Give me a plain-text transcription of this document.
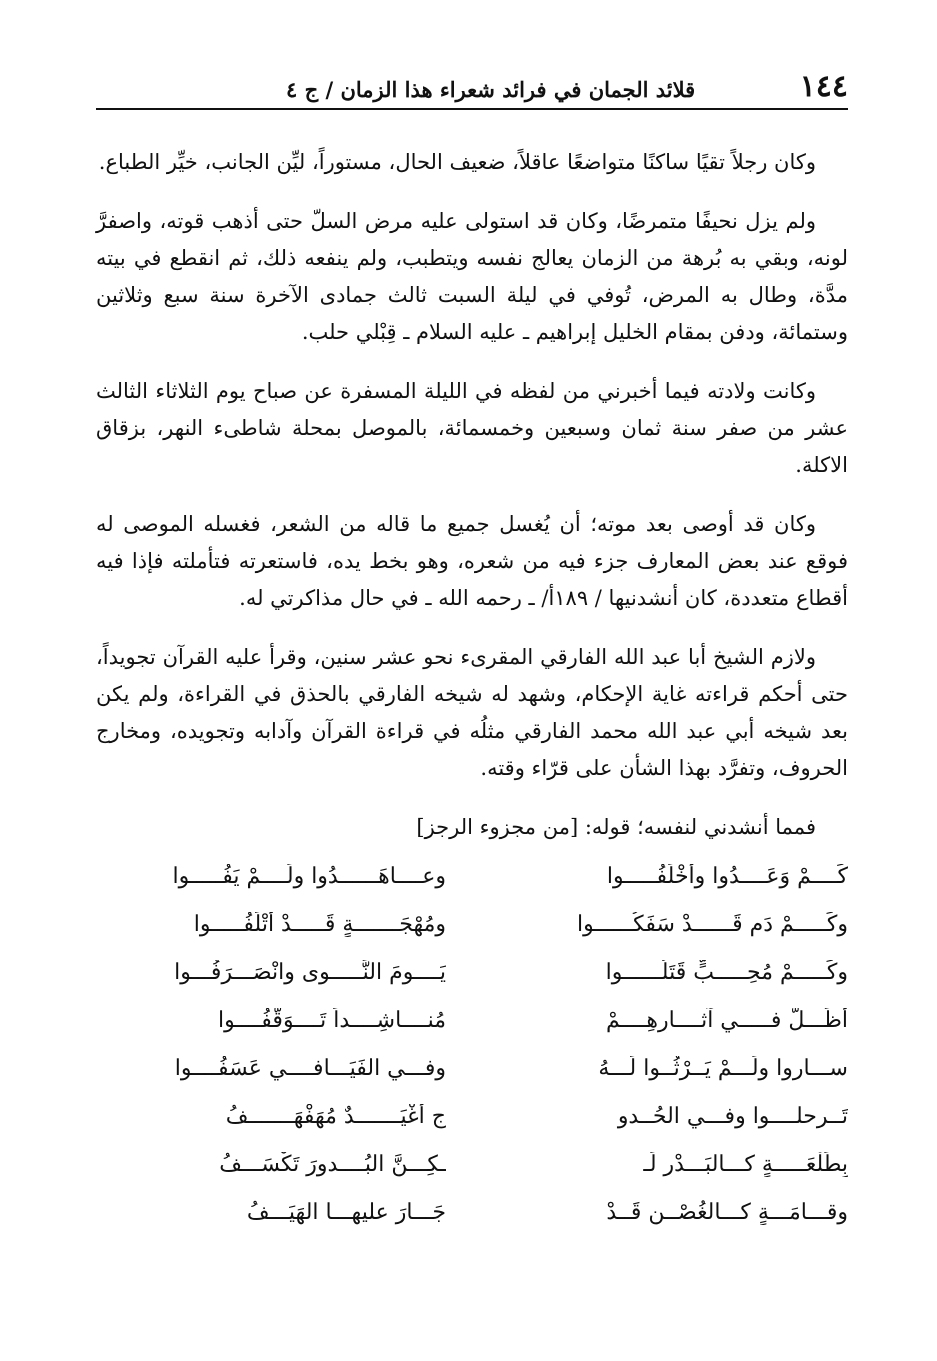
١٤٤
قلائد الجمان في فرائد شعراء هذا الزمان / ج ٤

وكان رجلاً تقيًا ساكنًا متواضعًا عاقلاً، ضعيف الحال، مستوراً، ليِّن الجانب، خيِّر الطباع.

ولم يزل نحيفًا متمرضًا، وكان قد استولى عليه مرض السلّ حتى أذهب قوته، واصفرَّ لونه، وبقي به بُرهة من الزمان يعالج نفسه ويتطبب، ولم ينفعه ذلك، ثم انقطع في بيته مدَّة، وطال به المرض، تُوفي في ليلة السبت ثالث جمادى الآخرة سنة سبع وثلاثين وستمائة، ودفن بمقام الخليل إبراهيم ـ عليه السلام ـ قِبْلي حلب.

وكانت ولادته فيما أخبرني من لفظه في الليلة المسفرة عن صباح يوم الثلاثاء الثالث عشر من صفر سنة ثمان وسبعين وخمسمائة، بالموصل بمحلة شاطىء النهر، بزقاق الاكلة.

وكان قد أوصى بعد موته؛ أن يُغسل جميع ما قاله من الشعر، فغسله الموصى له فوقع عند بعض المعارف جزء فيه من شعره، وهو بخط يده، فاستعرته فتأملته فإذا فيه أقطاع متعددة، كان أنشدنيها / ١٨٩أ/ ـ رحمه الله ـ في حال مذاكرتي له.

ولازم الشيخ أبا عبد الله الفارقي المقرىء نحو عشر سنين، وقرأ عليه القرآن تجويداً، حتى أحكم قراءته غاية الإحكام، وشهد له شيخه الفارقي بالحذق في القراءة، ولم يكن بعد شيخه أبي عبد الله محمد الفارقي مثلُه في قراءة القرآن وآدابه وتجويده، ومخارج الحروف، وتفرَّد بهذا الشأن على قرّاء وقته.

فمما أنشدني لنفسه؛ قوله: [من مجزوء الرجز]

كَــــمْ وَعَــــدُوا وأَخْلَفُـــــوا
وعــــاهَــــــدُوا ولَــــمْ يَفُـــــوا
وكَـــــمْ دَمٍ قَــــــدْ سَفَكُــــــوا
ومُهْجَـــــــةٍ قَـــــدْ أَتْلَفُـــــوا
وكَـــــمْ مُحِـــــبٍّ قَتَلُــــــوا
يَــــومَ النَّـــــوى وانْصَـــرَفُـــوا
أَظَـــلُّ فـــــي آثــــارِهِــــمْ
مُنــــاشِــــداً تَــــوَقَّفُــــوا
ســـاروا ولَـــمْ يَــرْثُــوا لَـــهُ
وفـــي الفَيَـــافــــي عَسَفُــــوا
تَــرحلــــوا وفـــي الحُــدو
جِ أَغْيَـــــــدٌ مُهَفْهَـــــــفُ
بِطَلْعَـــــةٍ كـــالبَـــدْرِ لَـ
ـكِـــنَّ البُــــدورَ تَكْسَـــفُ
وقـــامَـــةٍ كـــالغُصْــنِ قَــدْ
جَـــارَ عليهـــا الهَيَـــفُ
